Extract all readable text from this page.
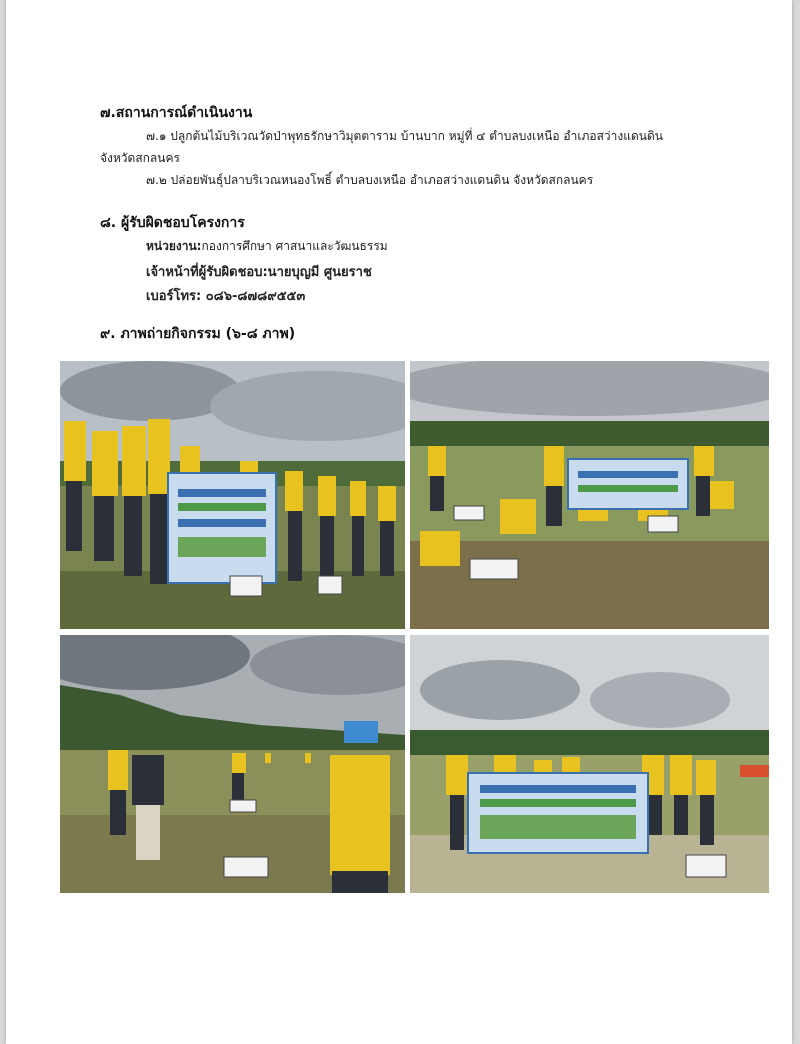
๗.สถานการณ์ดำเนินงาน
๗.๑ ปลูกต้นไม้บริเวณวัดป่าพุทธรักษาวิมุตตาราม บ้านบาก หมู่ที่ ๔ ตำบลบงเหนือ อำเภอสว่างแดนดิน
จังหวัดสกลนคร
๗.๒ ปล่อยพันธุ์ปลาบริเวณหนองโพธิ์ ตำบลบงเหนือ อำเภอสว่างแดนดิน จังหวัดสกลนคร
๘. ผู้รับผิดชอบโครงการ
หน่วยงาน:กองการศึกษา ศาสนาและวัฒนธรรม
เจ้าหน้าที่ผู้รับผิดชอบ:นายบุญมี ศูนยราช
เบอร์โทร: ๐๘๖-๘๗๘๙๕๕๓
๙. ภาพถ่ายกิจกรรม (๖-๘ ภาพ)
